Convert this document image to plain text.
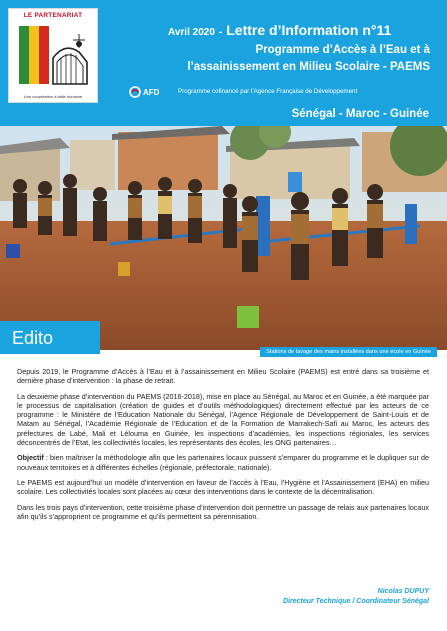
LE PARTENARIAT
Une coopération à taille humaine
Avril 2020 - Lettre d’Information n°11
Programme d’Accès à l’Eau et à
l’assainissement en Milieu Scolaire - PAEMS
AFD	Programme cofinancé par l’Agence Française de Développement
Sénégal - Maroc - Guinée
Edito
Stations de lavage des mains installées dans une école en Guinée

Depuis 2019, le Programme d’Accès à l’Eau et à l’assainissement en Milieu Scolaire (PAEMS) est entré dans sa troisième et dernière phase d’intervention : la phase de retrait.

La deuxième phase d’intervention du PAEMS (2016-2018), mise en place au Sénégal, au Maroc et en Guinée, a été marquée par le processus de capitalisation (création de guides et d’outils méthodologiques) directement effectué par les acteurs de ce programme : le Ministère de l’Education Nationale du Sénégal, l’Agence Régionale de Développement de Saint-Louis et de Matam au Sénégal, l’Académie Régionale de l’Education et de la Formation de Marrakech-Safi au Maroc, les acteurs des préfectures de Labé, Mali et Lélouma en Guinée, les inspections d’académies, les inspections régionales, les services déconcentrés de l’Etat, les collectivités locales, les représentants des écoles, les ONG partenaires…

Objectif : bien maîtriser la méthodologie afin que les partenaires locaux puissent s’emparer du programme et le dupliquer sur de nouveaux territoires et à différentes échelles (régionale, préfectorale, nationale).

Le PAEMS est aujourd’hui un modèle d’intervention en faveur de l’accès à l’Eau, l’Hygiène et l’Assainissement (EHA) en milieu scolaire. Les collectivités locales sont placées au cœur des interventions dans le contexte de la décentralisation.

Dans les trois pays d’intervention, cette troisième phase d’intervention doit permettre un passage de relais aux partenaires locaux afin qu’ils s’approprient ce programme et qu’ils permettent sa pérennisation.

Nicolas DUPUY
Directeur Technique / Coordinateur Sénégal
